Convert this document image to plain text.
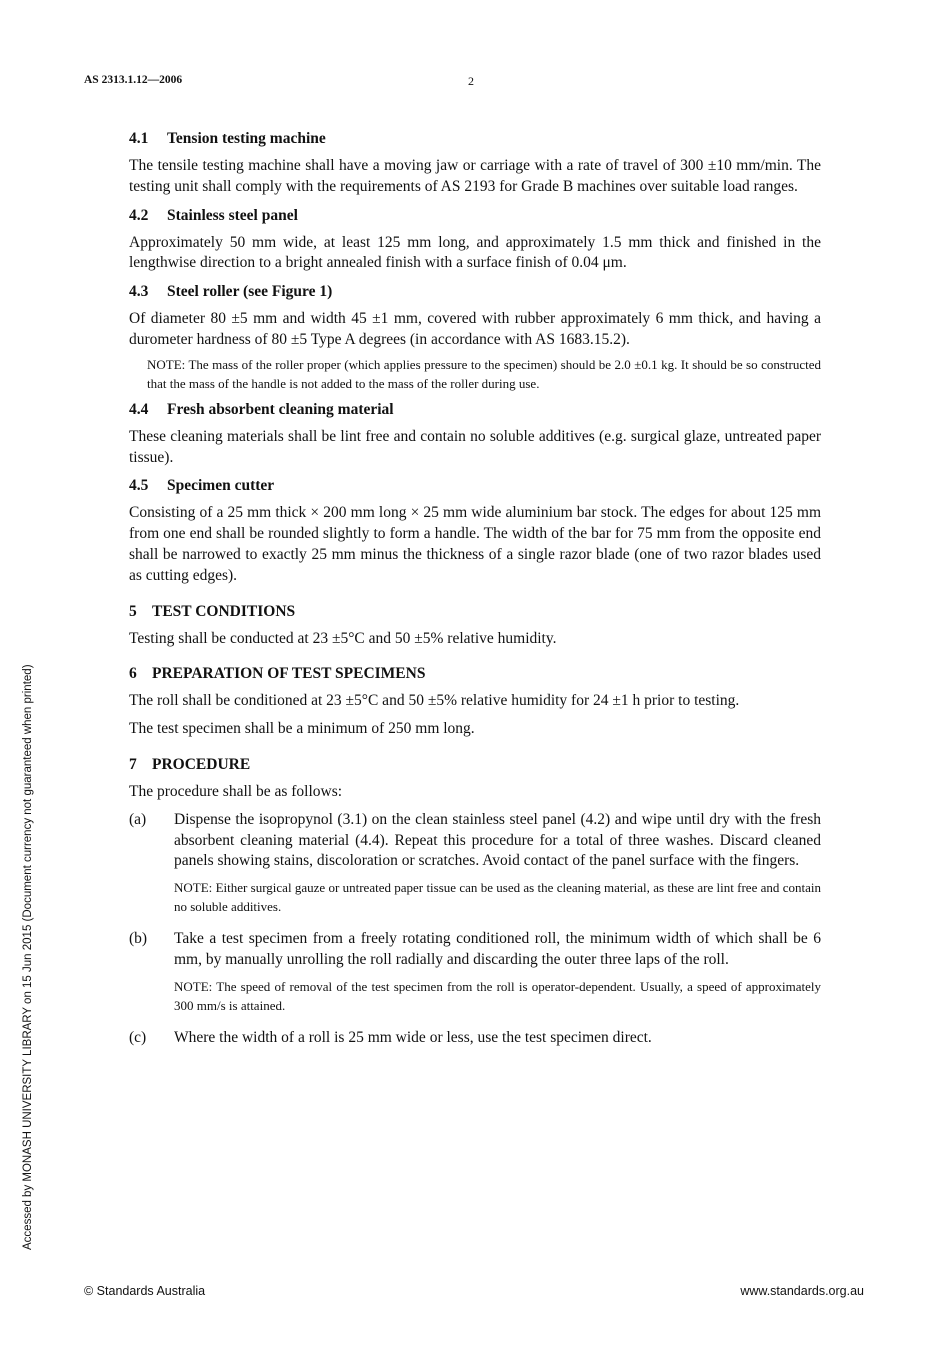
AS 2313.1.12—2006	2
Accessed by MONASH UNIVERSITY LIBRARY on 15 Jun 2015 (Document currency not guaranteed when printed)
4.1 Tension testing machine

The tensile testing machine shall have a moving jaw or carriage with a rate of travel of 300 ±10 mm/min. The testing unit shall comply with the requirements of AS 2193 for Grade B machines over suitable load ranges.

4.2 Stainless steel panel

Approximately 50 mm wide, at least 125 mm long, and approximately 1.5 mm thick and finished in the lengthwise direction to a bright annealed finish with a surface finish of 0.04 μm.

4.3 Steel roller (see Figure 1)

Of diameter 80 ±5 mm and width 45 ±1 mm, covered with rubber approximately 6 mm thick, and having a durometer hardness of 80 ±5 Type A degrees (in accordance with AS 1683.15.2).

NOTE: The mass of the roller proper (which applies pressure to the specimen) should be 2.0 ±0.1 kg. It should be so constructed that the mass of the handle is not added to the mass of the roller during use.
4.4 Fresh absorbent cleaning material

These cleaning materials shall be lint free and contain no soluble additives (e.g. surgical glaze, untreated paper tissue).

4.5 Specimen cutter

Consisting of a 25 mm thick × 200 mm long × 25 mm wide aluminium bar stock. The edges for about 125 mm from one end shall be rounded slightly to form a handle. The width of the bar for 75 mm from the opposite end shall be narrowed to exactly 25 mm minus the thickness of a single razor blade (one of two razor blades used as cutting edges).

5 TEST CONDITIONS

Testing shall be conducted at 23 ±5°C and 50 ±5% relative humidity.

6 PREPARATION OF TEST SPECIMENS

The roll shall be conditioned at 23 ±5°C and 50 ±5% relative humidity for 24 ±1 h prior to testing.

The test specimen shall be a minimum of 250 mm long.

7 PROCEDURE

The procedure shall be as follows:

(a)	Dispense the isopropynol (3.1) on the clean stainless steel panel (4.2) and wipe until dry with the fresh absorbent cleaning material (4.4). Repeat this procedure for a total of three washes. Discard cleaned panels showing stains, discoloration or scratches. Avoid contact of the panel surface with the fingers.

NOTE: Either surgical gauze or untreated paper tissue can be used as the cleaning material, as these are lint free and contain no soluble additives.
(b)	Take a test specimen from a freely rotating conditioned roll, the minimum width of which shall be 6 mm, by manually unrolling the roll radially and discarding the outer three laps of the roll.

NOTE: The speed of removal of the test specimen from the roll is operator-dependent. Usually, a speed of approximately 300 mm/s is attained.
(c)	Where the width of a roll is 25 mm wide or less, use the test specimen direct.

© Standards Australia	www.standards.org.au
